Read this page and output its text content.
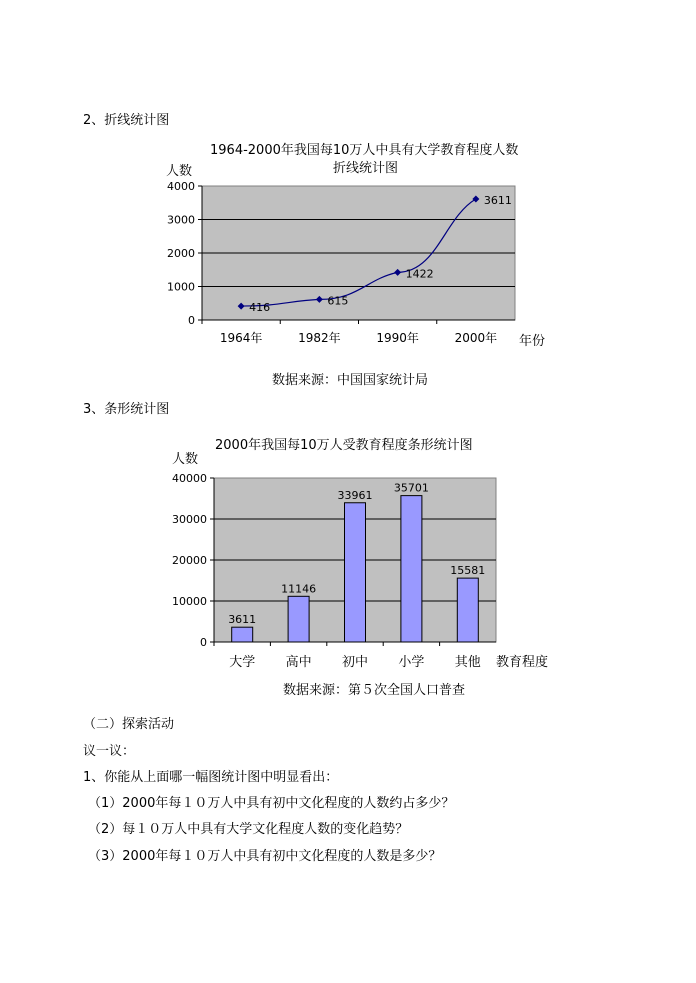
2、折线统计图
1964-2000年我国每10万人中具有大学教育程度人数
折线统计图
人数
年份
0
1000
2000
3000
4000
1964年	1982年	1990年	2000年
416
615
1422
3611
数据来源：中国国家统计局
3、条形统计图
2000年我国每10万人受教育程度条形统计图
人数
教育程度
0
10000
20000
30000
40000
3611
大学
11146
高中
33961
初中
35701
小学
15581
其他
数据来源：第５次全国人口普查
（二）探索活动
议一议：
1、你能从上面哪一幅图统计图中明显看出：
（1）2000年每１０万人中具有初中文化程度的人数约占多少？
（2）每１０万人中具有大学文化程度人数的变化趋势？
（3）2000年每１０万人中具有初中文化程度的人数是多少？
